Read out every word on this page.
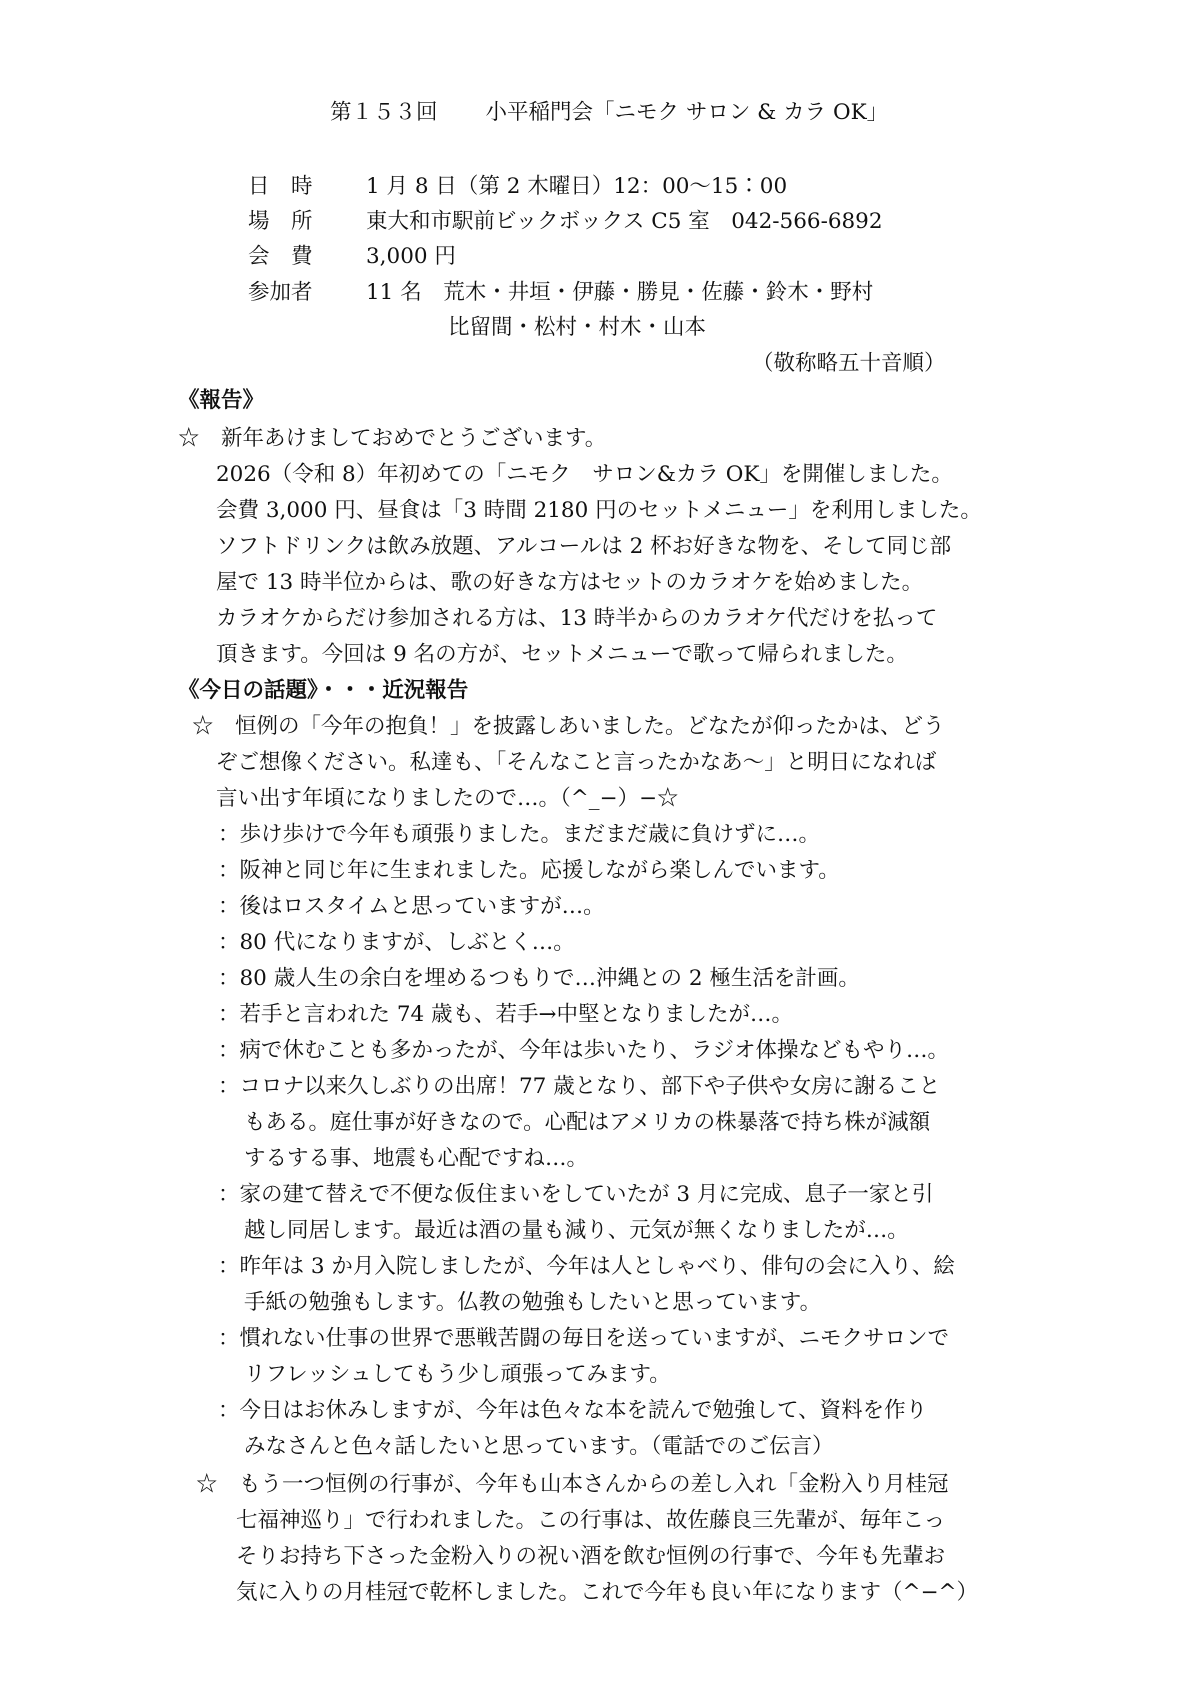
第１５３回 小平稲門会「ニモク サロン & カラ OK」
日　時	1 月 8 日（第 2 木曜日）12：00〜15∶00
場　所	東大和市駅前ビックボックス C5 室　042-566-6892
会　費	3,000 円
参加者	11 名　荒木・井垣・伊藤・勝見・佐藤・鈴木・野村
比留間・松村・村木・山本
（敬称略五十音順）
《報告》
☆　新年あけましておめでとうございます。
2026（令和 8）年初めての「ニモク　サロン&カラ OK」を開催しました。
会費 3,000 円、昼食は「3 時間 2180 円のセットメニュー」を利用しました。
ソフトドリンクは飲み放題、アルコールは 2 杯お好きな物を、そして同じ部
屋で 13 時半位からは、歌の好きな方はセットのカラオケを始めました。
カラオケからだけ参加される方は、13 時半からのカラオケ代だけを払って
頂きます。今回は 9 名の方が、セットメニューで歌って帰られました。
《今日の話題》・・・近況報告
☆　恒例の「今年の抱負！」を披露しあいました。どなたが仰ったかは、どう
ぞご想像ください。私達も、「そんなこと言ったかなあ〜」と明日になれば
言い出す年頃になりましたので…。（^_−）−☆
：歩け歩けで今年も頑張りました。まだまだ歳に負けずに…。
：阪神と同じ年に生まれました。応援しながら楽しんでいます。
：後はロスタイムと思っていますが…。
：80 代になりますが、しぶとく…。
：80 歳人生の余白を埋めるつもりで…沖縄との 2 極生活を計画。
：若手と言われた 74 歳も、若手→中堅となりましたが…。
：病で休むことも多かったが、今年は歩いたり、ラジオ体操などもやり…。
：コロナ以来久しぶりの出席！77 歳となり、部下や子供や女房に謝ること
もある。庭仕事が好きなので。心配はアメリカの株暴落で持ち株が減額
するする事、地震も心配ですね…。
：家の建て替えで不便な仮住まいをしていたが 3 月に完成、息子一家と引
越し同居します。最近は酒の量も減り、元気が無くなりましたが…。
：昨年は 3 か月入院しましたが、今年は人としゃべり、俳句の会に入り、絵
手紙の勉強もします。仏教の勉強もしたいと思っています。
：慣れない仕事の世界で悪戦苦闘の毎日を送っていますが、ニモクサロンで
リフレッシュしてもう少し頑張ってみます。
：今日はお休みしますが、今年は色々な本を読んで勉強して、資料を作り
みなさんと色々話したいと思っています。（電話でのご伝言）
☆　もう一つ恒例の行事が、今年も山本さんからの差し入れ「金粉入り月桂冠
七福神巡り」で行われました。この行事は、故佐藤良三先輩が、毎年こっ
そりお持ち下さった金粉入りの祝い酒を飲む恒例の行事で、今年も先輩お
気に入りの月桂冠で乾杯しました。これで今年も良い年になります（^−^）
